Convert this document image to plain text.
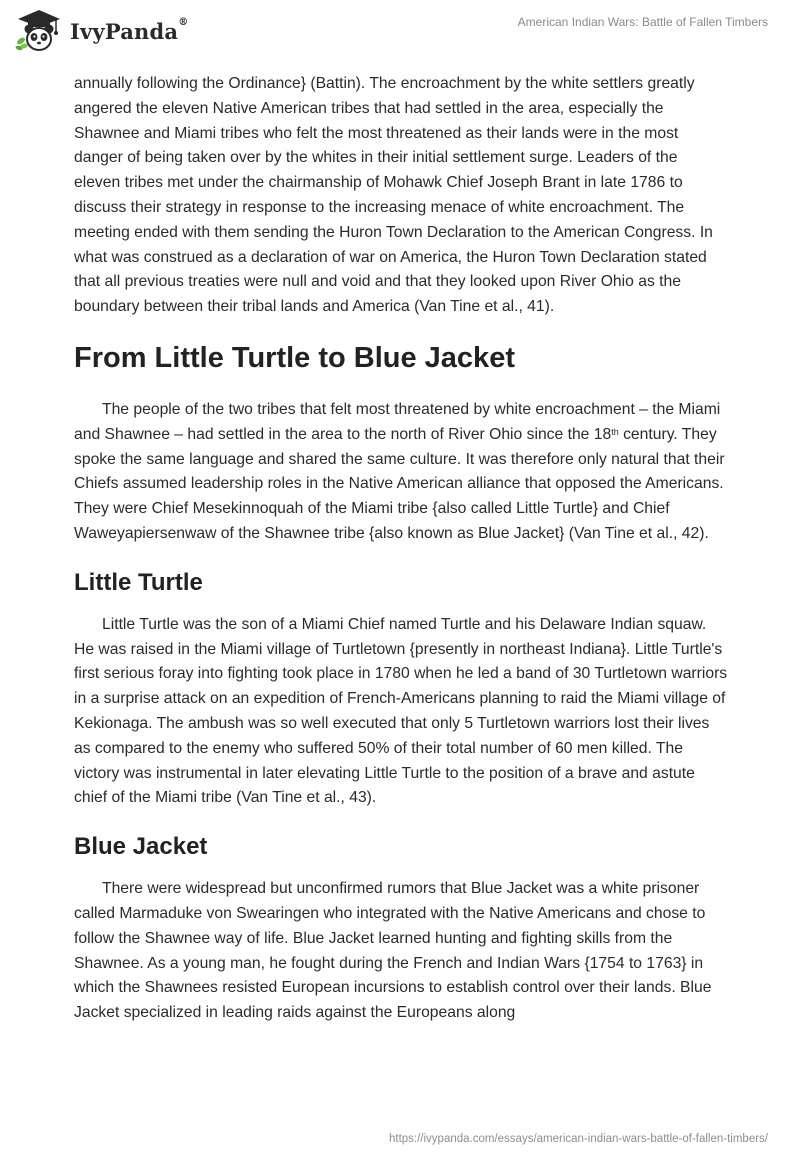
IvyPanda®	American Indian Wars: Battle of Fallen Timbers

annually following the Ordinance} (Battin). The encroachment by the white settlers greatly angered the eleven Native American tribes that had settled in the area, especially the Shawnee and Miami tribes who felt the most threatened as their lands were in the most danger of being taken over by the whites in their initial settlement surge. Leaders of the eleven tribes met under the chairmanship of Mohawk Chief Joseph Brant in late 1786 to discuss their strategy in response to the increasing menace of white encroachment. The meeting ended with them sending the Huron Town Declaration to the American Congress. In what was construed as a declaration of war on America, the Huron Town Declaration stated that all previous treaties were null and void and that they looked upon River Ohio as the boundary between their tribal lands and America (Van Tine et al., 41).

From Little Turtle to Blue Jacket

The people of the two tribes that felt most threatened by white encroachment – the Miami and Shawnee – had settled in the area to the north of River Ohio since the 18th century. They spoke the same language and shared the same culture. It was therefore only natural that their Chiefs assumed leadership roles in the Native American alliance that opposed the Americans. They were Chief Mesekinnoquah of the Miami tribe {also called Little Turtle} and Chief Waweyapiersenwaw of the Shawnee tribe {also known as Blue Jacket} (Van Tine et al., 42).

Little Turtle

Little Turtle was the son of a Miami Chief named Turtle and his Delaware Indian squaw. He was raised in the Miami village of Turtletown {presently in northeast Indiana}. Little Turtle's first serious foray into fighting took place in 1780 when he led a band of 30 Turtletown warriors in a surprise attack on an expedition of French-Americans planning to raid the Miami village of Kekionaga. The ambush was so well executed that only 5 Turtletown warriors lost their lives as compared to the enemy who suffered 50% of their total number of 60 men killed. The victory was instrumental in later elevating Little Turtle to the position of a brave and astute chief of the Miami tribe (Van Tine et al., 43).

Blue Jacket

There were widespread but unconfirmed rumors that Blue Jacket was a white prisoner called Marmaduke von Swearingen who integrated with the Native Americans and chose to follow the Shawnee way of life. Blue Jacket learned hunting and fighting skills from the Shawnee. As a young man, he fought during the French and Indian Wars {1754 to 1763} in which the Shawnees resisted European incursions to establish control over their lands. Blue Jacket specialized in leading raids against the Europeans along

https://ivypanda.com/essays/american-indian-wars-battle-of-fallen-timbers/
